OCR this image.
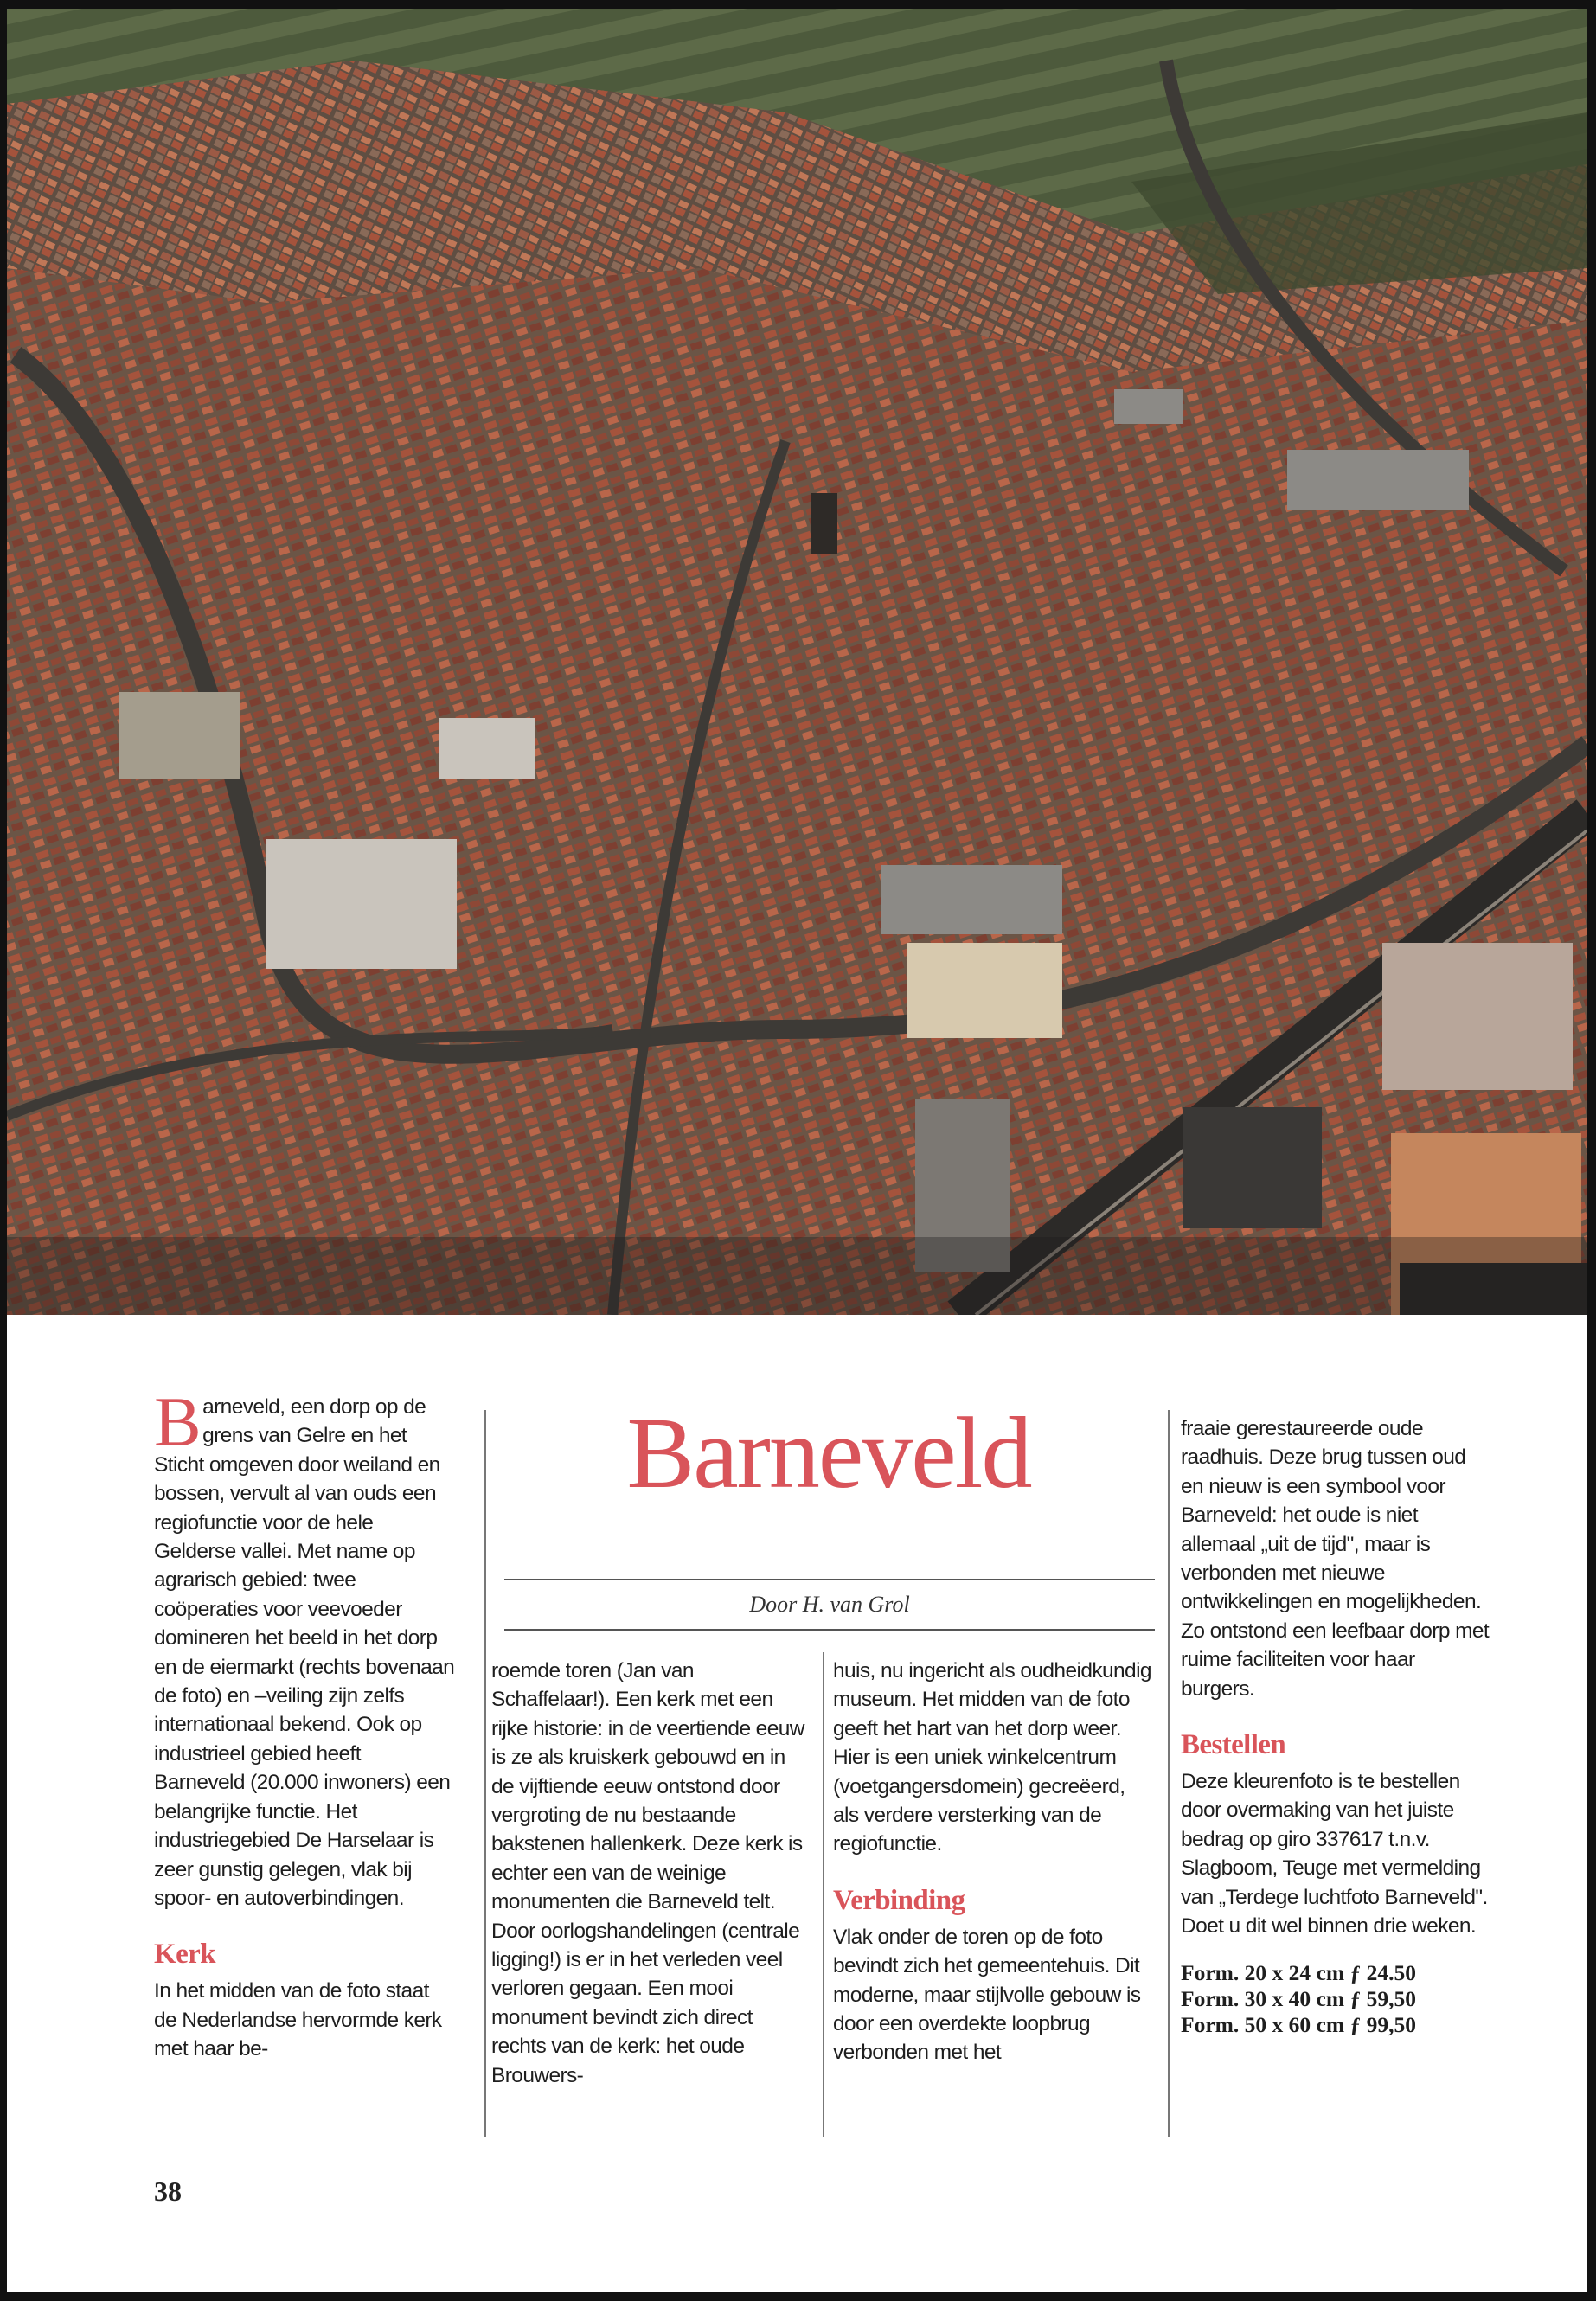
Barneveld, een dorp op de grens van Gelre en het Sticht omgeven door weiland en bossen, vervult al van ouds een regiofunctie voor de hele Gelderse vallei. Met name op agrarisch gebied: twee coöperaties voor veevoeder domineren het beeld in het dorp en de eiermarkt (rechts bovenaan de foto) en –veiling zijn zelfs internationaal bekend. Ook op industrieel gebied heeft Barneveld (20.000 inwoners) een belangrijke functie. Het industriegebied De Harselaar is zeer gunstig gelegen, vlak bij spoor- en autoverbindingen.

Kerk

In het midden van de foto staat de Nederlandse hervormde kerk met haar be-

Barneveld
Door H. van Grol

roemde toren (Jan van Schaffelaar!). Een kerk met een rijke historie: in de veertiende eeuw is ze als kruiskerk gebouwd en in de vijftiende eeuw ontstond door vergroting de nu bestaande bakstenen hallenkerk. Deze kerk is echter een van de weinige monumenten die Barneveld telt. Door oorlogshandelingen (centrale ligging!) is er in het verleden veel verloren gegaan. Een mooi monument bevindt zich direct rechts van de kerk: het oude Brouwers-

huis, nu ingericht als oudheidkundig museum. Het midden van de foto geeft het hart van het dorp weer. Hier is een uniek winkelcentrum (voetgangersdomein) gecreëerd, als verdere versterking van de regiofunctie.

Verbinding

Vlak onder de toren op de foto bevindt zich het gemeentehuis. Dit moderne, maar stijlvolle gebouw is door een overdekte loopbrug verbonden met het

fraaie gerestaureerde oude raadhuis. Deze brug tussen oud en nieuw is een symbool voor Barneveld: het oude is niet allemaal „uit de tijd", maar is verbonden met nieuwe ontwikkelingen en mogelijkheden. Zo ontstond een leefbaar dorp met ruime faciliteiten voor haar burgers.

Bestellen

Deze kleurenfoto is te bestellen door overmaking van het juiste bedrag op giro 337617 t.n.v. Slagboom, Teuge met vermelding van „Terdege luchtfoto Barneveld". Doet u dit wel binnen drie weken.

Form. 20 x 24 cm ƒ 24.50
Form. 30 x 40 cm ƒ 59,50
Form. 50 x 60 cm ƒ 99,50
38
